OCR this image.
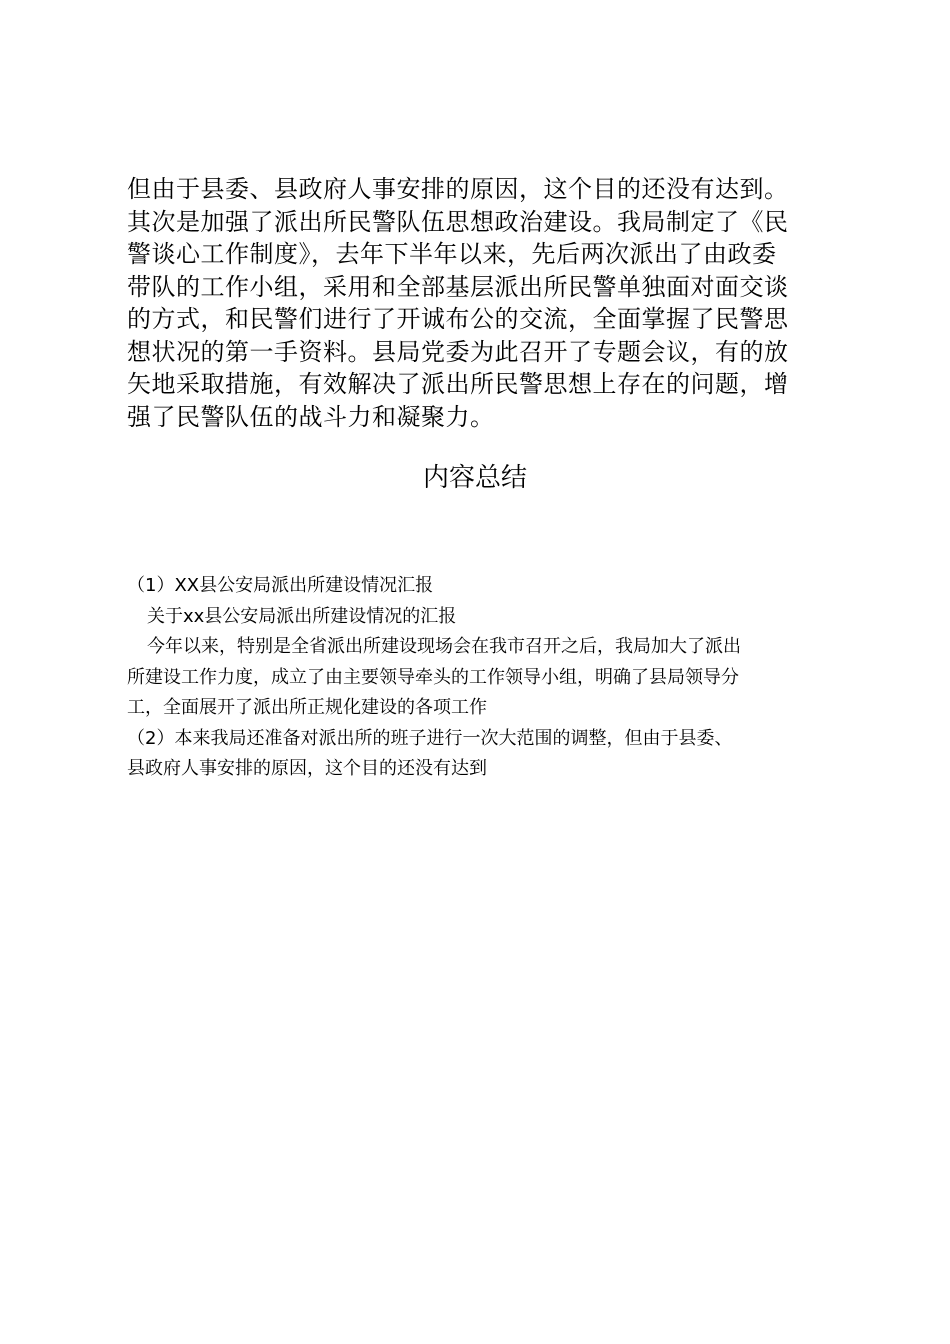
但由于县委、县政府人事安排的原因，这个目的还没有达到。
其次是加强了派出所民警队伍思想政治建设。我局制定了《民
警谈心工作制度》，去年下半年以来，先后两次派出了由政委
带队的工作小组，采用和全部基层派出所民警单独面对面交谈
的方式，和民警们进行了开诚布公的交流，全面掌握了民警思
想状况的第一手资料。县局党委为此召开了专题会议，有的放
矢地采取措施，有效解决了派出所民警思想上存在的问题，增
强了民警队伍的战斗力和凝聚力。
内容总结
（1）XX县公安局派出所建设情况汇报
关于xx县公安局派出所建设情况的汇报
今年以来，特别是全省派出所建设现场会在我市召开之后，我局加大了派出
所建设工作力度，成立了由主要领导牵头的工作领导小组，明确了县局领导分
工，全面展开了派出所正规化建设的各项工作
（2）本来我局还准备对派出所的班子进行一次大范围的调整，但由于县委、
县政府人事安排的原因，这个目的还没有达到
